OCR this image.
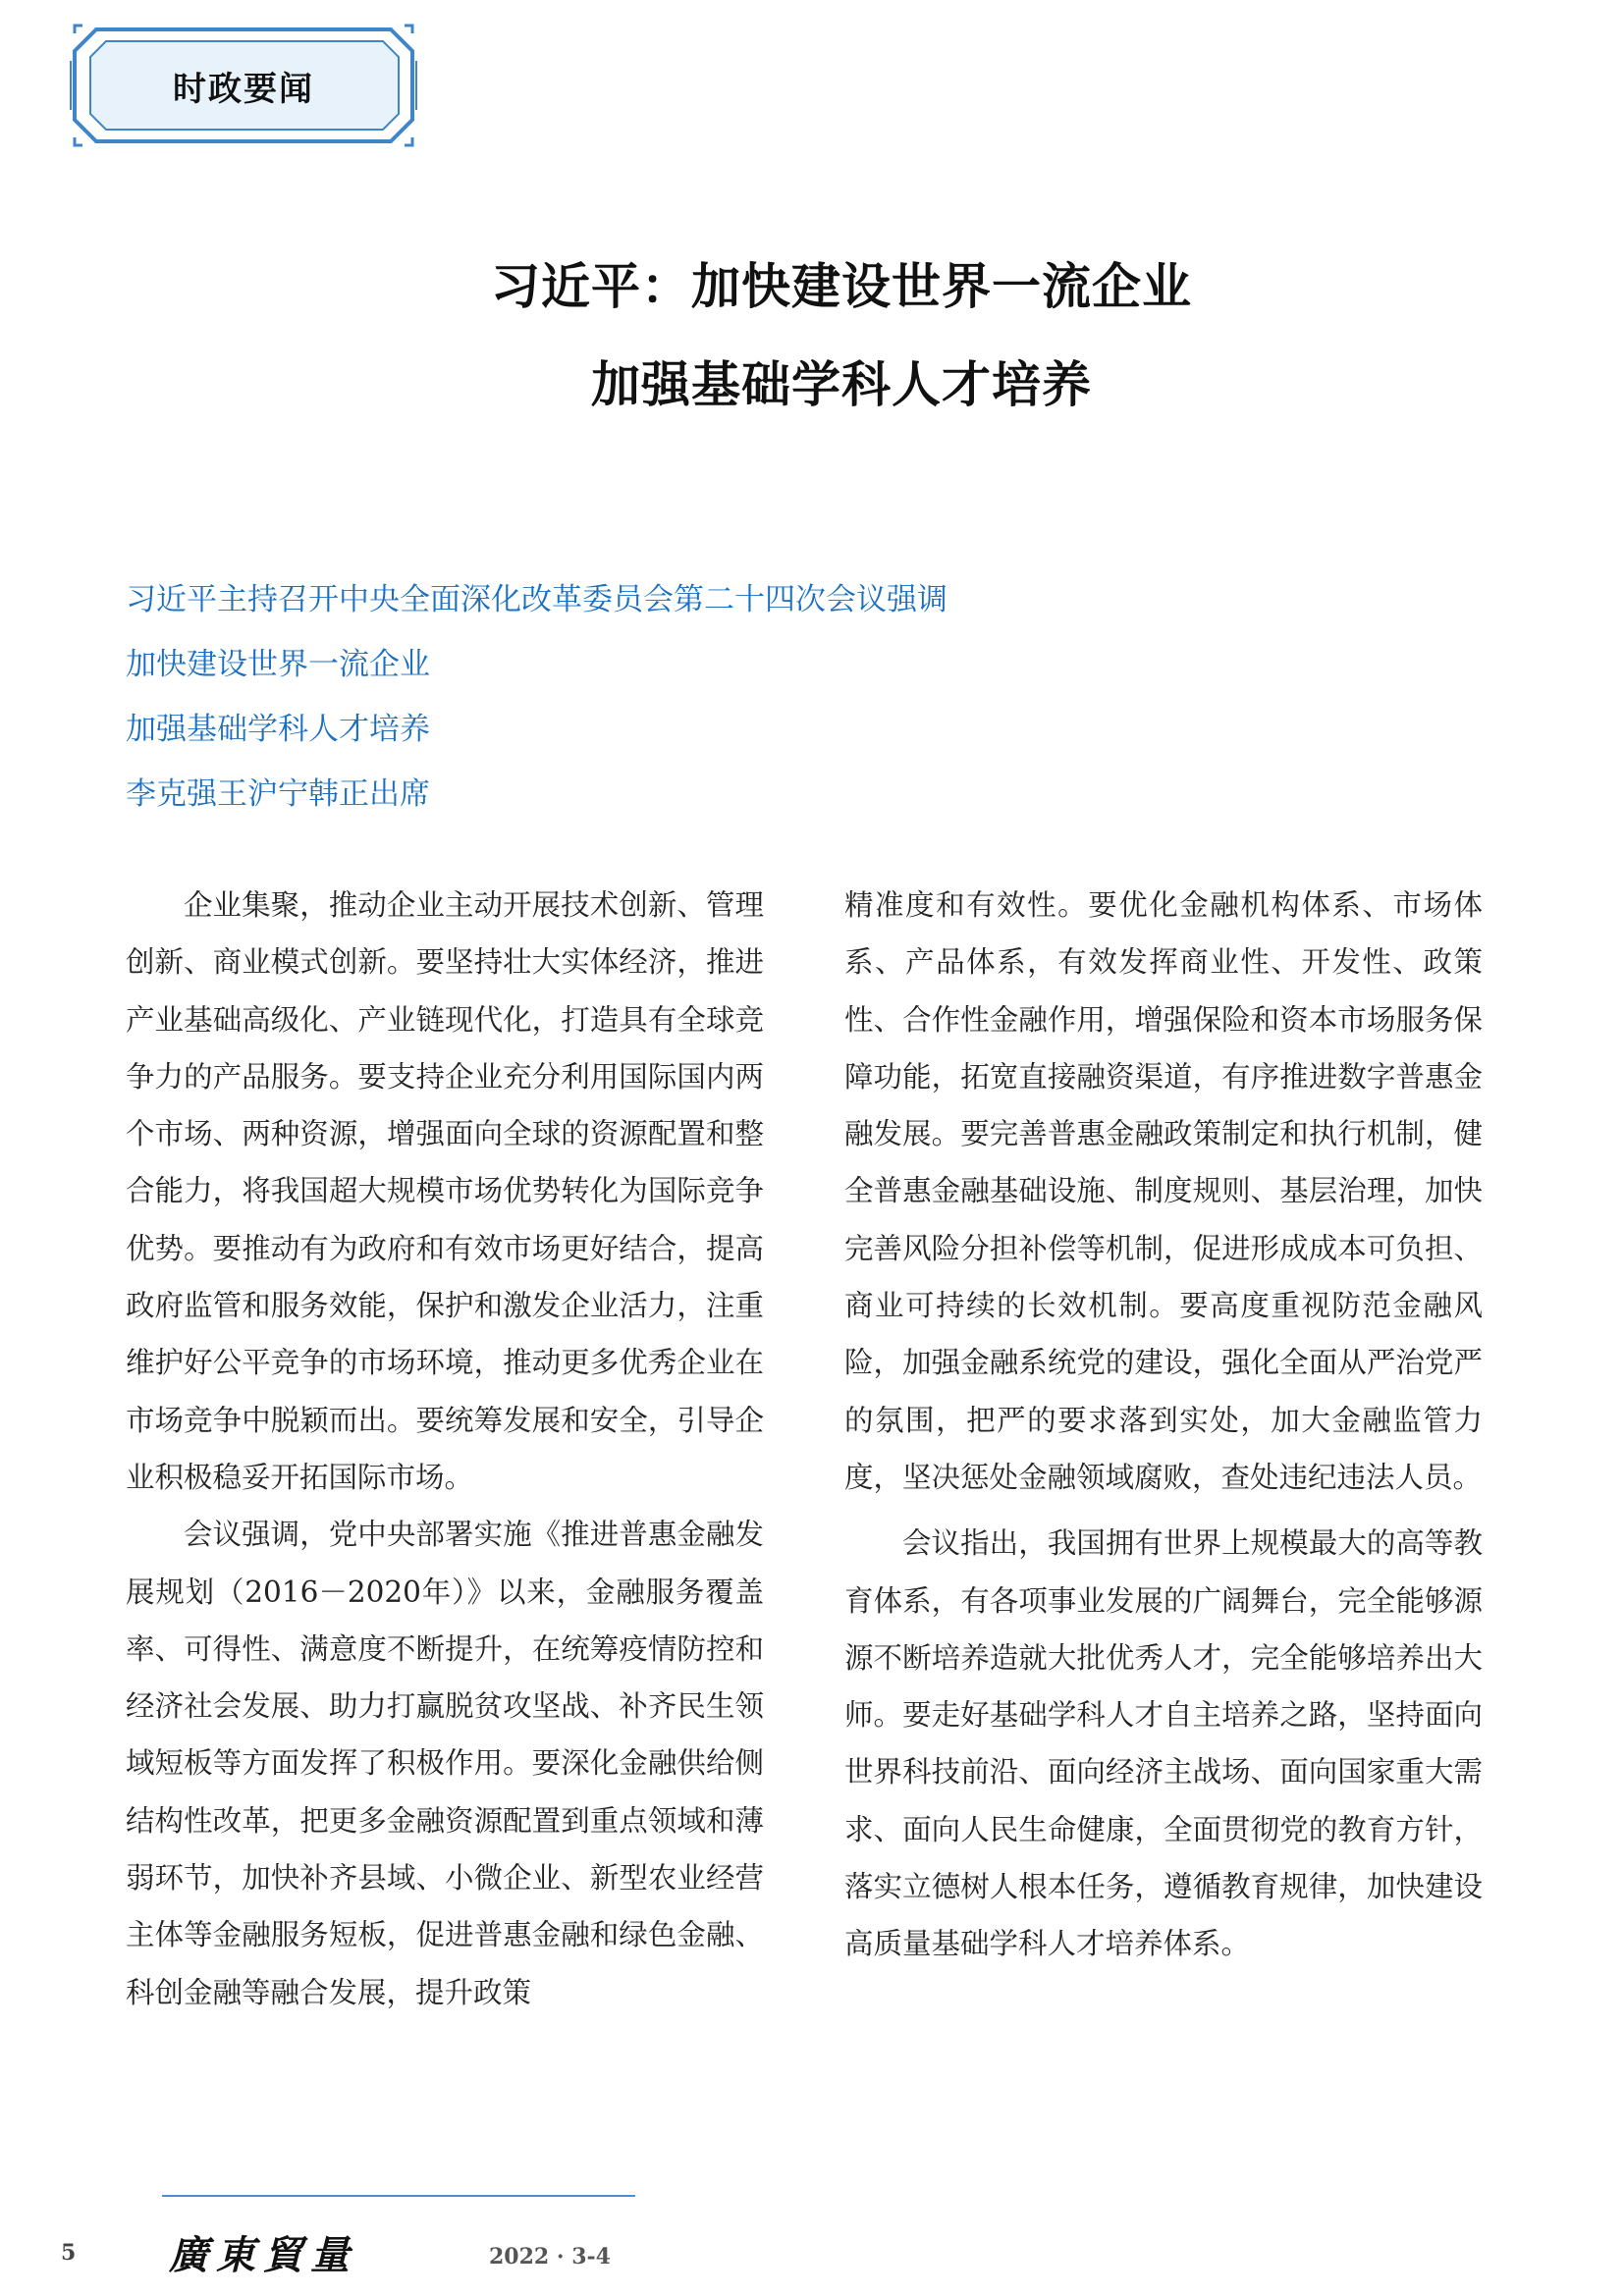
时政要闻
习近平：加快建设世界一流企业
加强基础学科人才培养
习近平主持召开中央全面深化改革委员会第二十四次会议强调
加快建设世界一流企业
加强基础学科人才培养
李克强王沪宁韩正出席

企业集聚，推动企业主动开展技术创新、管理创新、商业模式创新。要坚持壮大实体经济，推进产业基础高级化、产业链现代化，打造具有全球竞争力的产品服务。要支持企业充分利用国际国内两个市场、两种资源，增强面向全球的资源配置和整合能力，将我国超大规模市场优势转化为国际竞争优势。要推动有为政府和有效市场更好结合，提高政府监管和服务效能，保护和激发企业活力，注重维护好公平竞争的市场环境，推动更多优秀企业在市场竞争中脱颖而出。要统筹发展和安全，引导企业积极稳妥开拓国际市场。

会议强调，党中央部署实施《推进普惠金融发展规划（2016－2020年）》以来，金融服务覆盖率、可得性、满意度不断提升，在统筹疫情防控和经济社会发展、助力打赢脱贫攻坚战、补齐民生领域短板等方面发挥了积极作用。要深化金融供给侧结构性改革，把更多金融资源配置到重点领域和薄弱环节，加快补齐县域、小微企业、新型农业经营主体等金融服务短板，促进普惠金融和绿色金融、科创金融等融合发展，提升政策

精准度和有效性。要优化金融机构体系、市场体系、产品体系，有效发挥商业性、开发性、政策性、合作性金融作用，增强保险和资本市场服务保障功能，拓宽直接融资渠道，有序推进数字普惠金融发展。要完善普惠金融政策制定和执行机制，健全普惠金融基础设施、制度规则、基层治理，加快完善风险分担补偿等机制，促进形成成本可负担、商业可持续的长效机制。要高度重视防范金融风险，加强金融系统党的建设，强化全面从严治党严的氛围，把严的要求落到实处，加大金融监管力度，坚决惩处金融领域腐败，查处违纪违法人员。

会议指出，我国拥有世界上规模最大的高等教育体系，有各项事业发展的广阔舞台，完全能够源源不断培养造就大批优秀人才，完全能够培养出大师。要走好基础学科人才自主培养之路，坚持面向世界科技前沿、面向经济主战场、面向国家重大需求、面向人民生命健康，全面贯彻党的教育方针，落实立德树人根本任务，遵循教育规律，加快建设高质量基础学科人才培养体系。

5 廣東貿量	2022 · 3-4
